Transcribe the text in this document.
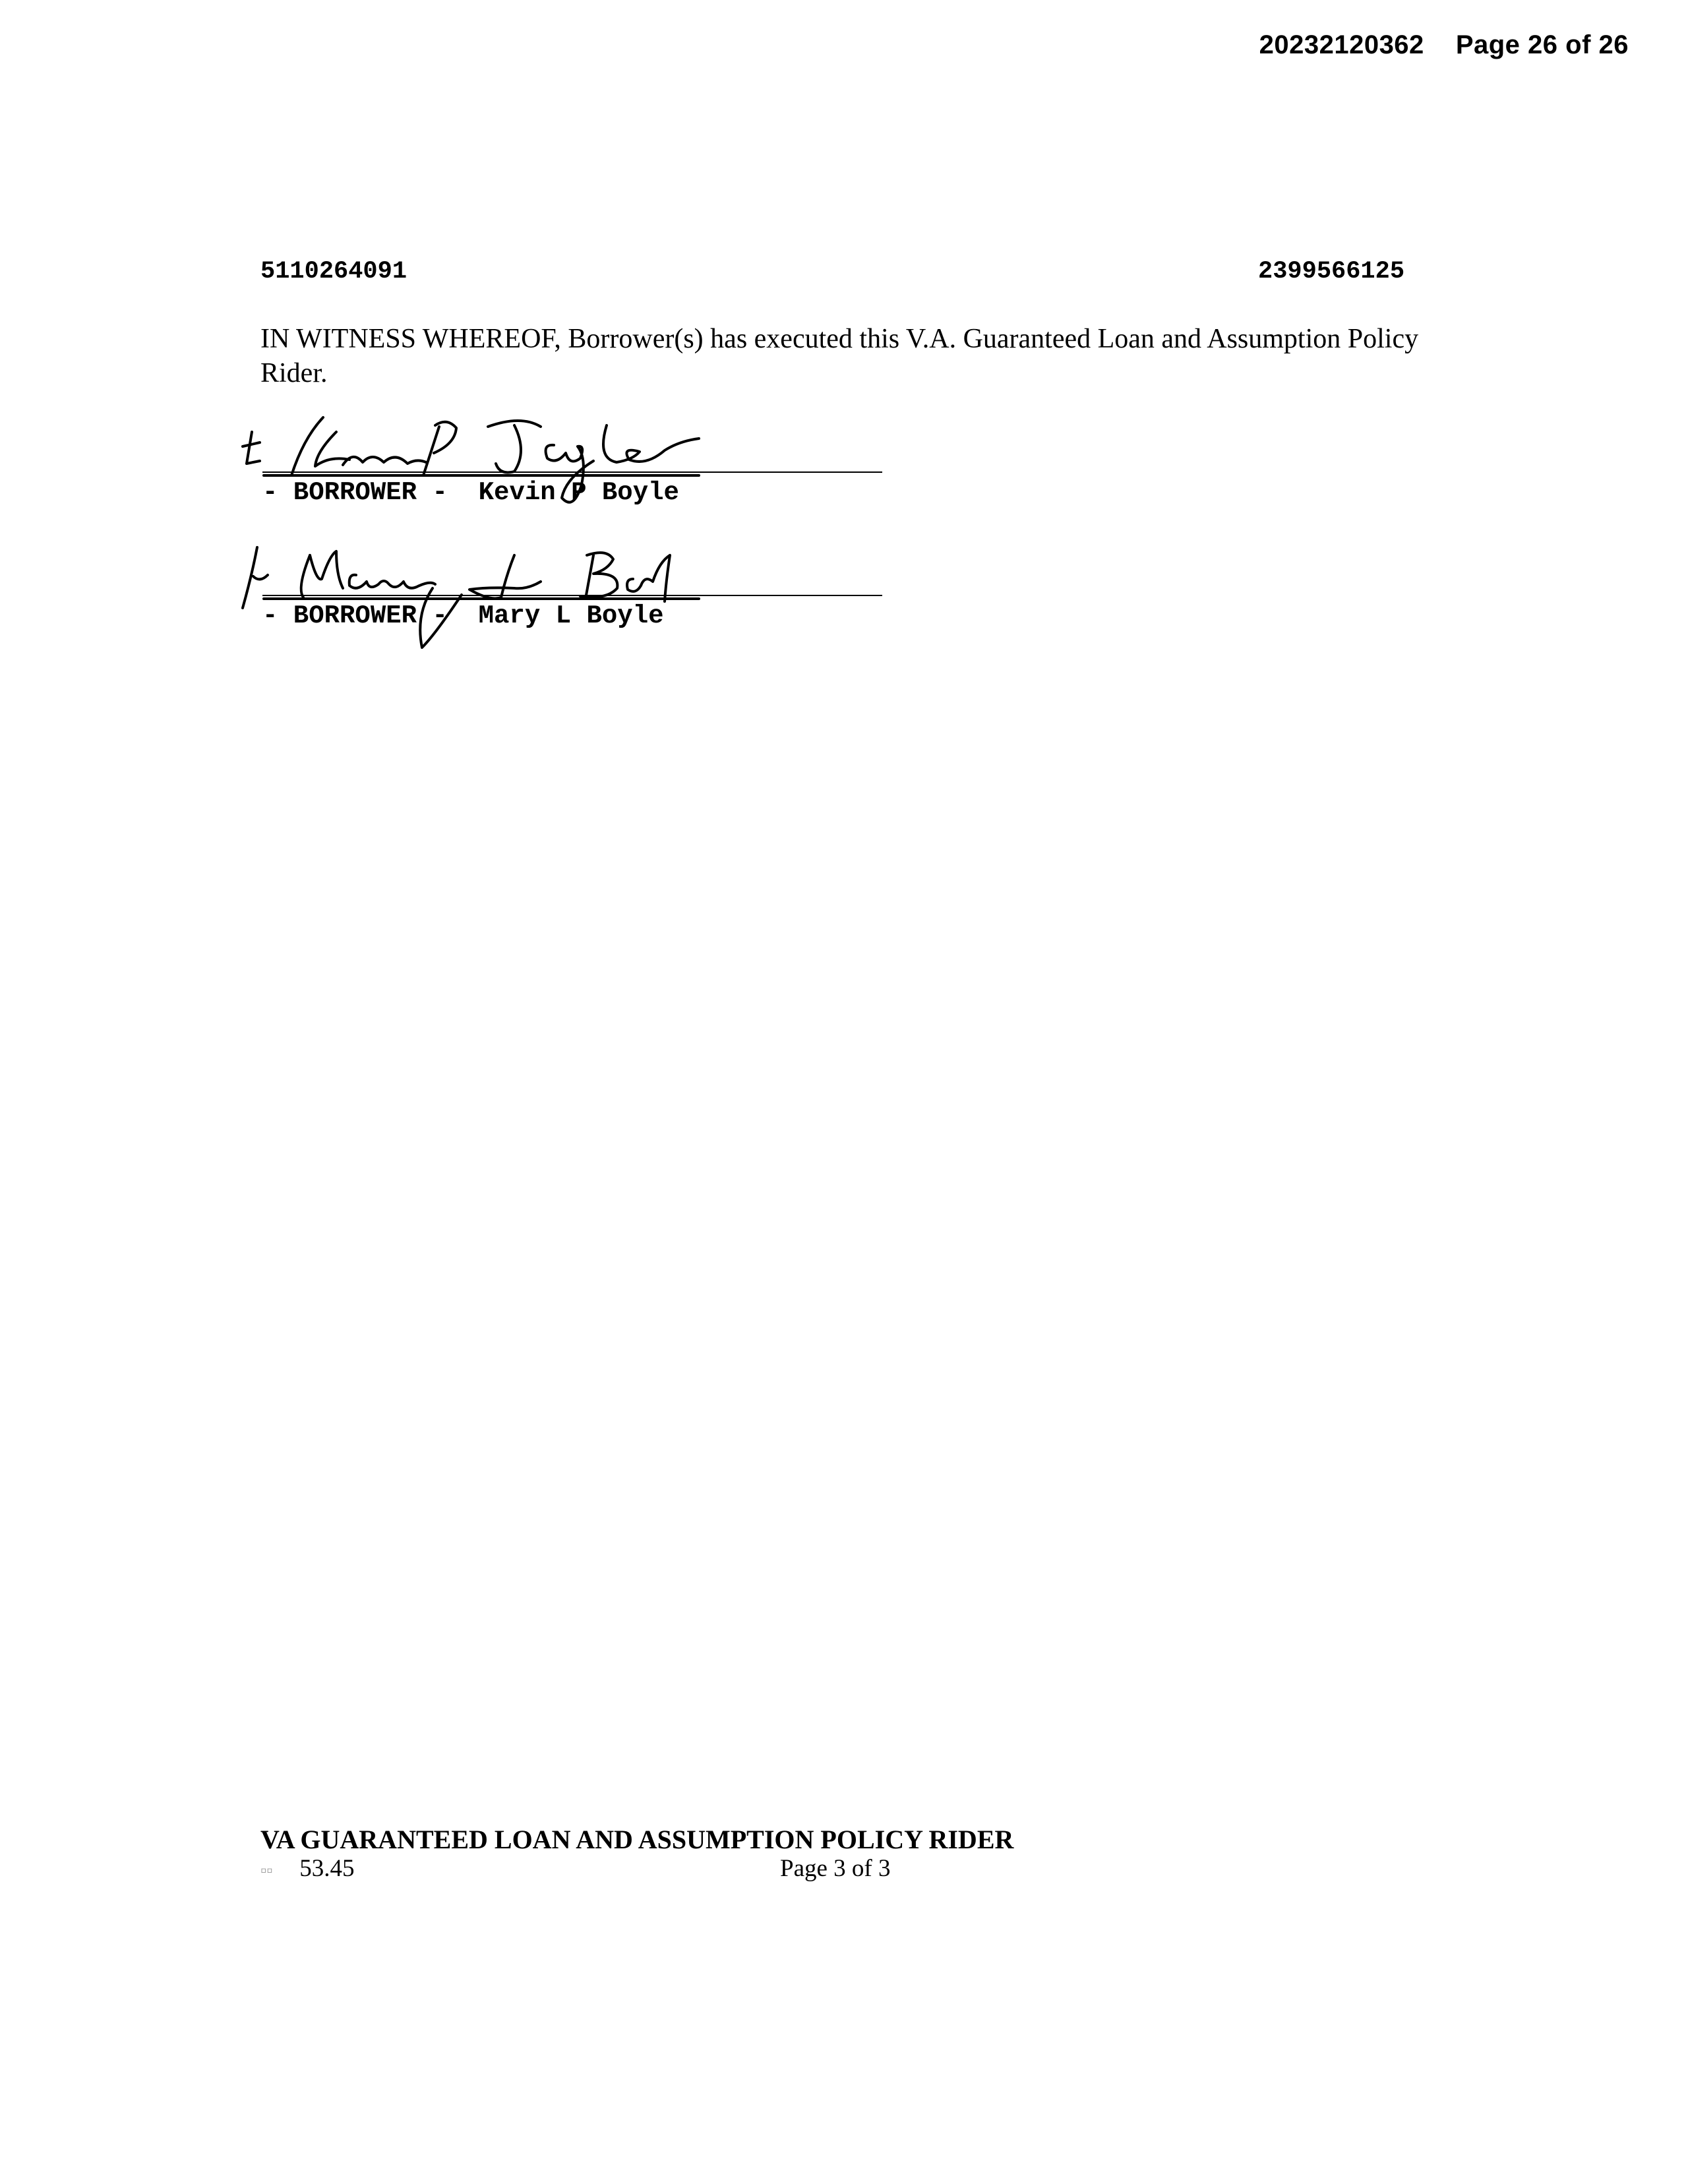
20232120362 Page 26 of 26
5110264091	2399566125
IN WITNESS WHEREOF, Borrower(s) has executed this V.A. Guaranteed Loan and Assumption Policy Rider.
- BORROWER -  Kevin P Boyle
- BORROWER -  Mary L Boyle
VA GUARANTEED LOAN AND ASSUMPTION POLICY RIDER
▫▫ 53.45	Page 3 of 3
